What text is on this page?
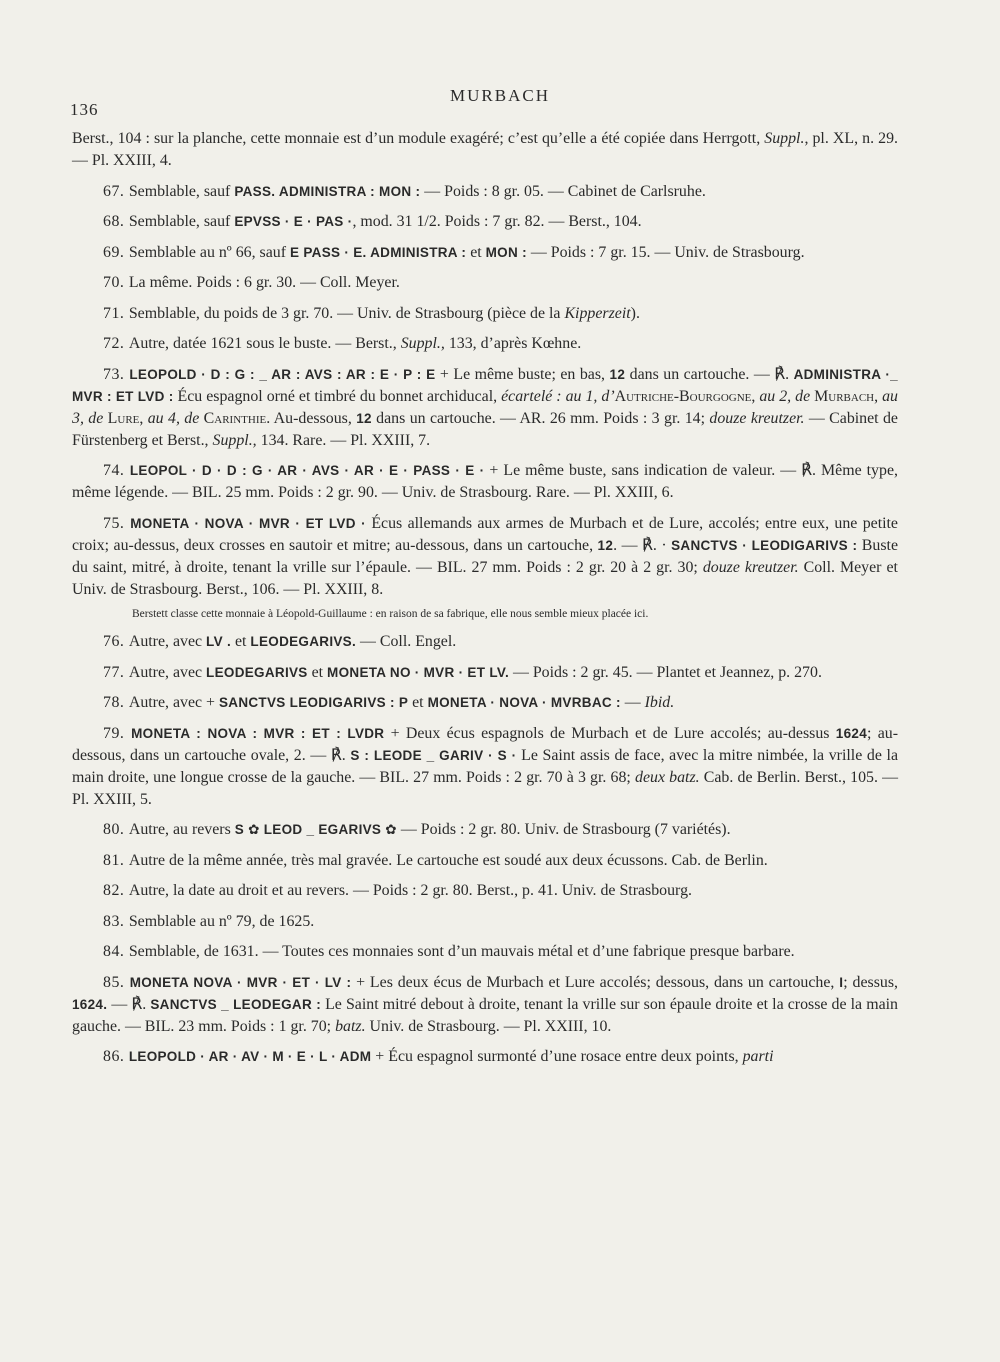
136
MURBACH

Berst., 104 : sur la planche, cette monnaie est d’un module exagéré; c’est qu’elle a été copiée dans Herrgott, Suppl., pl. XL, n. 29. — Pl. XXIII, 4.

67. Semblable, sauf PASS. ADMINISTRA : MON : — Poids : 8 gr. 05. — Cabinet de Carlsruhe.

68. Semblable, sauf EPVSS · E · PAS ·, mod. 31 1/2. Poids : 7 gr. 82. — Berst., 104.

69. Semblable au nº 66, sauf E PASS · E. ADMINISTRA : et MON : — Poids : 7 gr. 15. — Univ. de Strasbourg.

70. La même. Poids : 6 gr. 30. — Coll. Meyer.

71. Semblable, du poids de 3 gr. 70. — Univ. de Strasbourg (pièce de la Kipperzeit).

72. Autre, datée 1621 sous le buste. — Berst., Suppl., 133, d’après Kœhne.

73. LEOPOLD · D : G : _ AR : AVS : AR : E · P : E + Le même buste; en bas, 12 dans un cartouche. — ℟. ADMINISTRA ·_ MVR : ET LVD : Écu espagnol orné et timbré du bonnet archiducal, écartelé : au 1, d’Autriche-Bourgogne, au 2, de Murbach, au 3, de Lure, au 4, de Carinthie. Au-dessous, 12 dans un cartouche. — AR. 26 mm. Poids : 3 gr. 14; douze kreutzer. — Cabinet de Fürstenberg et Berst., Suppl., 134. Rare. — Pl. XXIII, 7.

74. LEOPOL · D · D : G · AR · AVS · AR · E · PASS · E · + Le même buste, sans indication de valeur. — ℟. Même type, même légende. — BIL. 25 mm. Poids : 2 gr. 90. — Univ. de Strasbourg. Rare. — Pl. XXIII, 6.

75. MONETA · NOVA · MVR · ET LVD · Écus allemands aux armes de Murbach et de Lure, accolés; entre eux, une petite croix; au-dessus, deux crosses en sautoir et mitre; au-dessous, dans un cartouche, 12. — ℟. · SANCTVS · LEODIGARIVS : Buste du saint, mitré, à droite, tenant la vrille sur l’épaule. — BIL. 27 mm. Poids : 2 gr. 20 à 2 gr. 30; douze kreutzer. Coll. Meyer et Univ. de Strasbourg. Berst., 106. — Pl. XXIII, 8.

Berstett classe cette monnaie à Léopold-Guillaume : en raison de sa fabrique, elle nous semble mieux placée ici.

76. Autre, avec LV . et LEODEGARIVS. — Coll. Engel.

77. Autre, avec LEODEGARIVS et MONETA NO · MVR · ET LV. — Poids : 2 gr. 45. — Plantet et Jeannez, p. 270.

78. Autre, avec + SANCTVS LEODIGARIVS : P et MONETA · NOVA · MVRBAC : — Ibid.

79. MONETA : NOVA : MVR : ET : LVDR + Deux écus espagnols de Murbach et de Lure accolés; au-dessus 1624; au-dessous, dans un cartouche ovale, 2. — ℟. S : LEODE _ GARIV · S · Le Saint assis de face, avec la mitre nimbée, la vrille de la main droite, une longue crosse de la gauche. — BIL. 27 mm. Poids : 2 gr. 70 à 3 gr. 68; deux batz. Cab. de Berlin. Berst., 105. — Pl. XXIII, 5.

80. Autre, au revers S ✿ LEOD _ EGARIVS ✿ — Poids : 2 gr. 80. Univ. de Strasbourg (7 variétés).

81. Autre de la même année, très mal gravée. Le cartouche est soudé aux deux écussons. Cab. de Berlin.

82. Autre, la date au droit et au revers. — Poids : 2 gr. 80. Berst., p. 41. Univ. de Strasbourg.

83. Semblable au nº 79, de 1625.

84. Semblable, de 1631. — Toutes ces monnaies sont d’un mauvais métal et d’une fabrique presque barbare.

85. MONETA NOVA · MVR · ET · LV : + Les deux écus de Murbach et Lure accolés; dessous, dans un cartouche, I; dessus, 1624. — ℟. SANCTVS _ LEODEGAR : Le Saint mitré debout à droite, tenant la vrille sur son épaule droite et la crosse de la main gauche. — BIL. 23 mm. Poids : 1 gr. 70; batz. Univ. de Strasbourg. — Pl. XXIII, 10.

86. LEOPOLD · AR · AV · M · E · L · ADM + Écu espagnol surmonté d’une rosace entre deux points, parti
